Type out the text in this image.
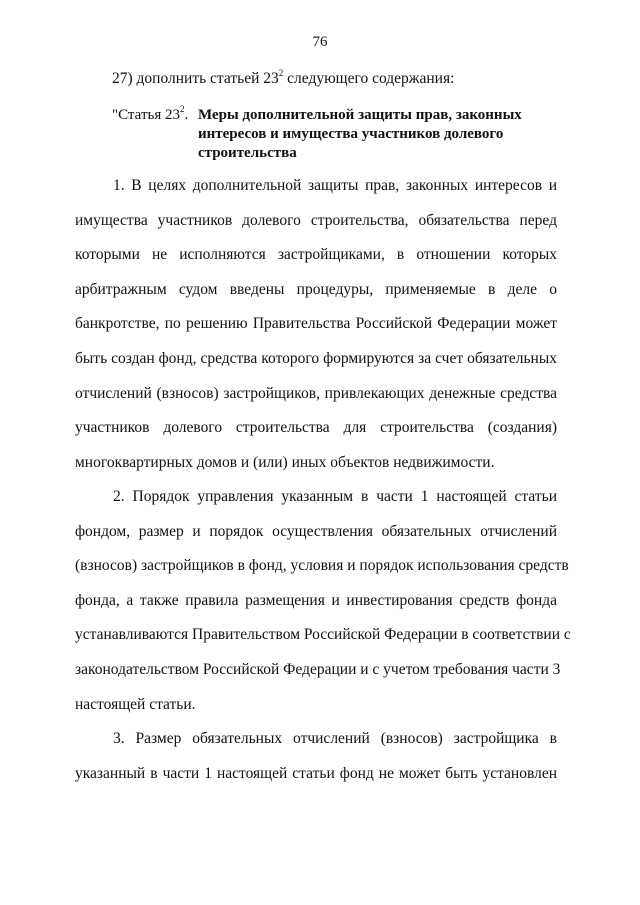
76
27) дополнить статьей $23^2$ следующего содержания:
"Статья $23^2$. Меры дополнительной защиты прав, законных
интересов и имущества участников долевого
строительства
1. В целях дополнительной защиты прав, законных интересов и
имущества участников долевого строительства, обязательства перед
которыми не исполняются застройщиками, в отношении которых
арбитражным судом введены процедуры, применяемые в деле о
банкротстве, по решению Правительства Российской Федерации может
быть создан фонд, средства которого формируются за счет обязательных
отчислений (взносов) застройщиков, привлекающих денежные средства
участников долевого строительства для строительства (создания)
многоквартирных домов и (или) иных объектов недвижимости.
2. Порядок управления указанным в части 1 настоящей статьи
фондом, размер и порядок осуществления обязательных отчислений
(взносов) застройщиков в фонд, условия и порядок использования средств
фонда, а также правила размещения и инвестирования средств фонда
устанавливаются Правительством Российской Федерации в соответствии с
законодательством Российской Федерации и с учетом требования части 3
настоящей статьи.
3. Размер обязательных отчислений (взносов) застройщика в
указанный в части 1 настоящей статьи фонд не может быть установлен
